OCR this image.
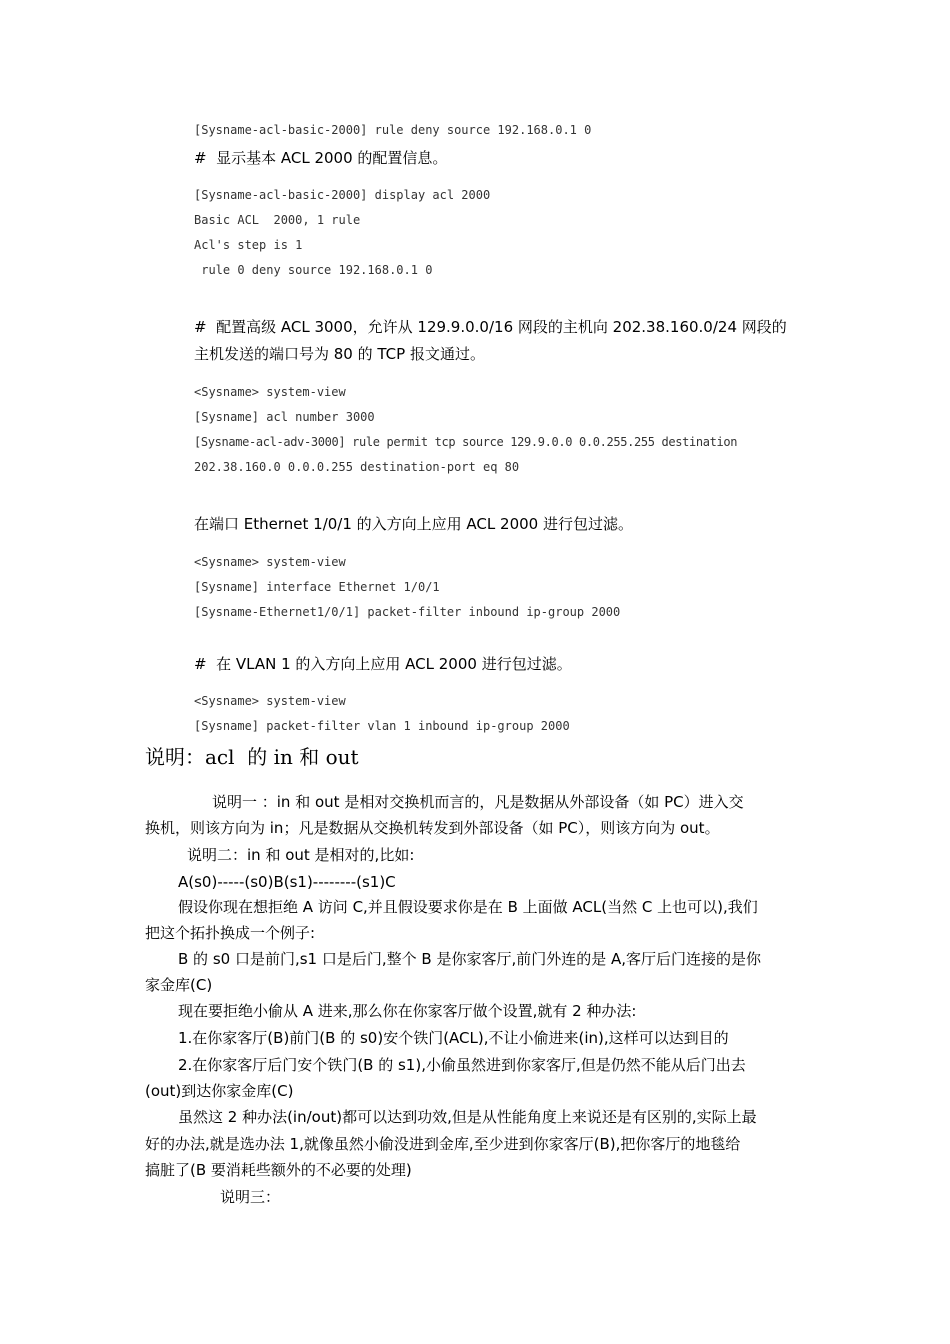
[Sysname-acl-basic-2000] rule deny source 192.168.0.1 0
#  显示基本 ACL 2000 的配置信息。
[Sysname-acl-basic-2000] display acl 2000
Basic ACL  2000, 1 rule
Acl's step is 1
rule 0 deny source 192.168.0.1 0
#  配置高级 ACL 3000，允许从 129.9.0.0/16 网段的主机向 202.38.160.0/24 网段的
主机发送的端口号为 80 的 TCP 报文通过。
<Sysname> system-view
[Sysname] acl number 3000
[Sysname-acl-adv-3000] rule permit tcp source 129.9.0.0 0.0.255.255 destination
202.38.160.0 0.0.0.255 destination-port eq 80
在端口 Ethernet 1/0/1 的入方向上应用 ACL 2000 进行包过滤。
<Sysname> system-view
[Sysname] interface Ethernet 1/0/1
[Sysname-Ethernet1/0/1] packet-filter inbound ip-group 2000
#  在 VLAN 1 的入方向上应用 ACL 2000 进行包过滤。
<Sysname> system-view
[Sysname] packet-filter vlan 1 inbound ip-group 2000
说明：acl  的 in 和 out
说明一 ：in 和 out 是相对交换机而言的，凡是数据从外部设备（如 PC）进入交
换机，则该方向为 in；凡是数据从交换机转发到外部设备（如 PC），则该方向为 out。
说明二：in 和 out 是相对的,比如:
A(s0)-----(s0)B(s1)--------(s1)C
假设你现在想拒绝 A 访问 C,并且假设要求你是在 B 上面做 ACL(当然 C 上也可以),我们
把这个拓扑换成一个例子:
B 的 s0 口是前门,s1 口是后门,整个 B 是你家客厅,前门外连的是 A,客厅后门连接的是你
家金库(C)
现在要拒绝小偷从 A 进来,那么你在你家客厅做个设置,就有 2 种办法:
1.在你家客厅(B)前门(B 的 s0)安个铁门(ACL),不让小偷进来(in),这样可以达到目的
2.在你家客厅后门安个铁门(B 的 s1),小偷虽然进到你家客厅,但是仍然不能从后门出去
(out)到达你家金库(C)
虽然这 2 种办法(in/out)都可以达到功效,但是从性能角度上来说还是有区别的,实际上最
好的办法,就是选办法 1,就像虽然小偷没进到金库,至少进到你家客厅(B),把你客厅的地毯给
搞脏了(B 要消耗些额外的不必要的处理)
说明三：
